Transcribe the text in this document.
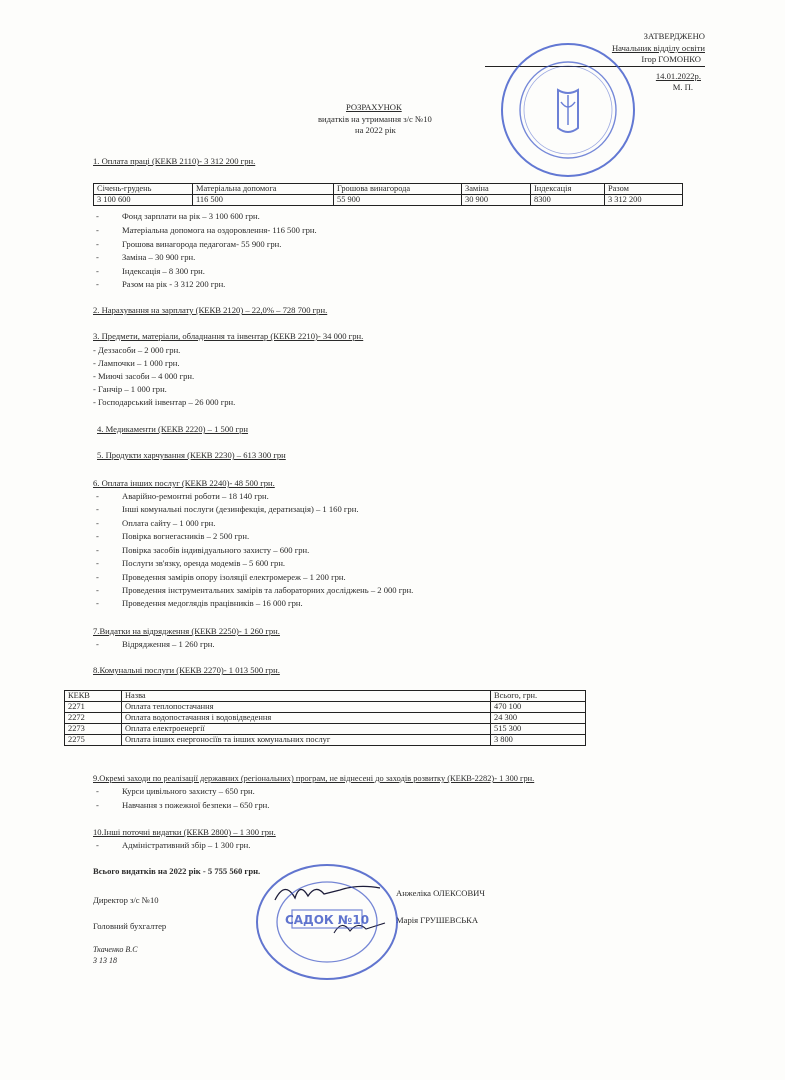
ЗАТВЕРДЖЕНО
Начальник відділу освіти
Ігор ГОМОНКО
14.01.2022р.
М. П.
РОЗРАХУНОК
видатків на утримання з/с №10
на 2022 рік
1. Оплата праці (КЕКВ 2110)- 3 312 200 грн.
Січень-грудень	Матеріальна допомога	Грошова винагорода	Заміна	Індексація	Разом
3 100 600	116 500	55 900	30 900	8300	3 312 200
-	Фонд зарплати на рік – 3 100 600 грн.
-	Матеріальна допомога на оздоровлення- 116 500 грн.
-	Грошова винагорода педагогам- 55 900 грн.
-	Заміна – 30 900 грн.
-	Індексація – 8 300 грн.
-	Разом на рік - 3 312 200 грн.
2. Нарахування на зарплату (КЕКВ 2120) – 22,0% – 728 700 грн.
3. Предмети, матеріали, обладнання та інвентар (КЕКВ 2210)- 34 000 грн.
- Деззасоби – 2 000 грн.
- Лампочки – 1 000 грн.
- Миючі засоби – 4 000 грн.
- Ганчір – 1 000 грн.
- Господарський інвентар – 26 000 грн.
4. Медикаменти (КЕКВ 2220) – 1 500 грн
5. Продукти харчування (КЕКВ 2230) – 613 300 грн
6. Оплата інших послуг (КЕКВ 2240)- 48 500 грн.
-	Аварійно-ремонтні роботи – 18 140 грн.
-	Інші комунальні послуги (дезинфекція, дератизація) – 1 160 грн.
-	Оплата сайту – 1 000 грн.
-	Повірка вогнегасників – 2 500 грн.
-	Повірка засобів індивідуального захисту – 600 грн.
-	Послуги зв'язку, оренда модемів – 5 600 грн.
-	Проведення замірів опору ізоляції електромереж – 1 200 грн.
-	Проведення інструментальних замірів та лабораторних досліджень – 2 000 грн.
-	Проведення медоглядів працівників – 16 000 грн.
7.Видатки на відрядження (КЕКВ 2250)- 1 260 грн.
-	Відрядження – 1 260 грн.
8.Комунальні послуги (КЕКВ 2270)- 1 013 500 грн.
КЕКВ	Назва	Всього, грн.
2271	Оплата теплопостачання	470 100
2272	Оплата водопостачання і водовідведення	24 300
2273	Оплата електроенергії	515 300
2275	Оплата інших енергоносіїв та інших комунальних послуг	3 800
9.Окремі заходи по реалізації державних (регіональних) програм, не віднесені до заходів розвитку (КЕКВ-2282)- 1 300 грн.
-	Курси цивільного захисту – 650 грн.
-	Навчання з пожежної безпеки – 650 грн.
10.Інші поточні видатки (КЕКВ 2800) – 1 300 грн.
-	Адміністративний збір – 1 300 грн.
Всього видатків на 2022 рік - 5 755 560 грн.
Директор з/с №10
Анжеліка ОЛЕКСОВИЧ
Головний бухгалтер
Марія ГРУШЕВСЬКА
САДОК №10
Ткаченко В.С
3 13 18
